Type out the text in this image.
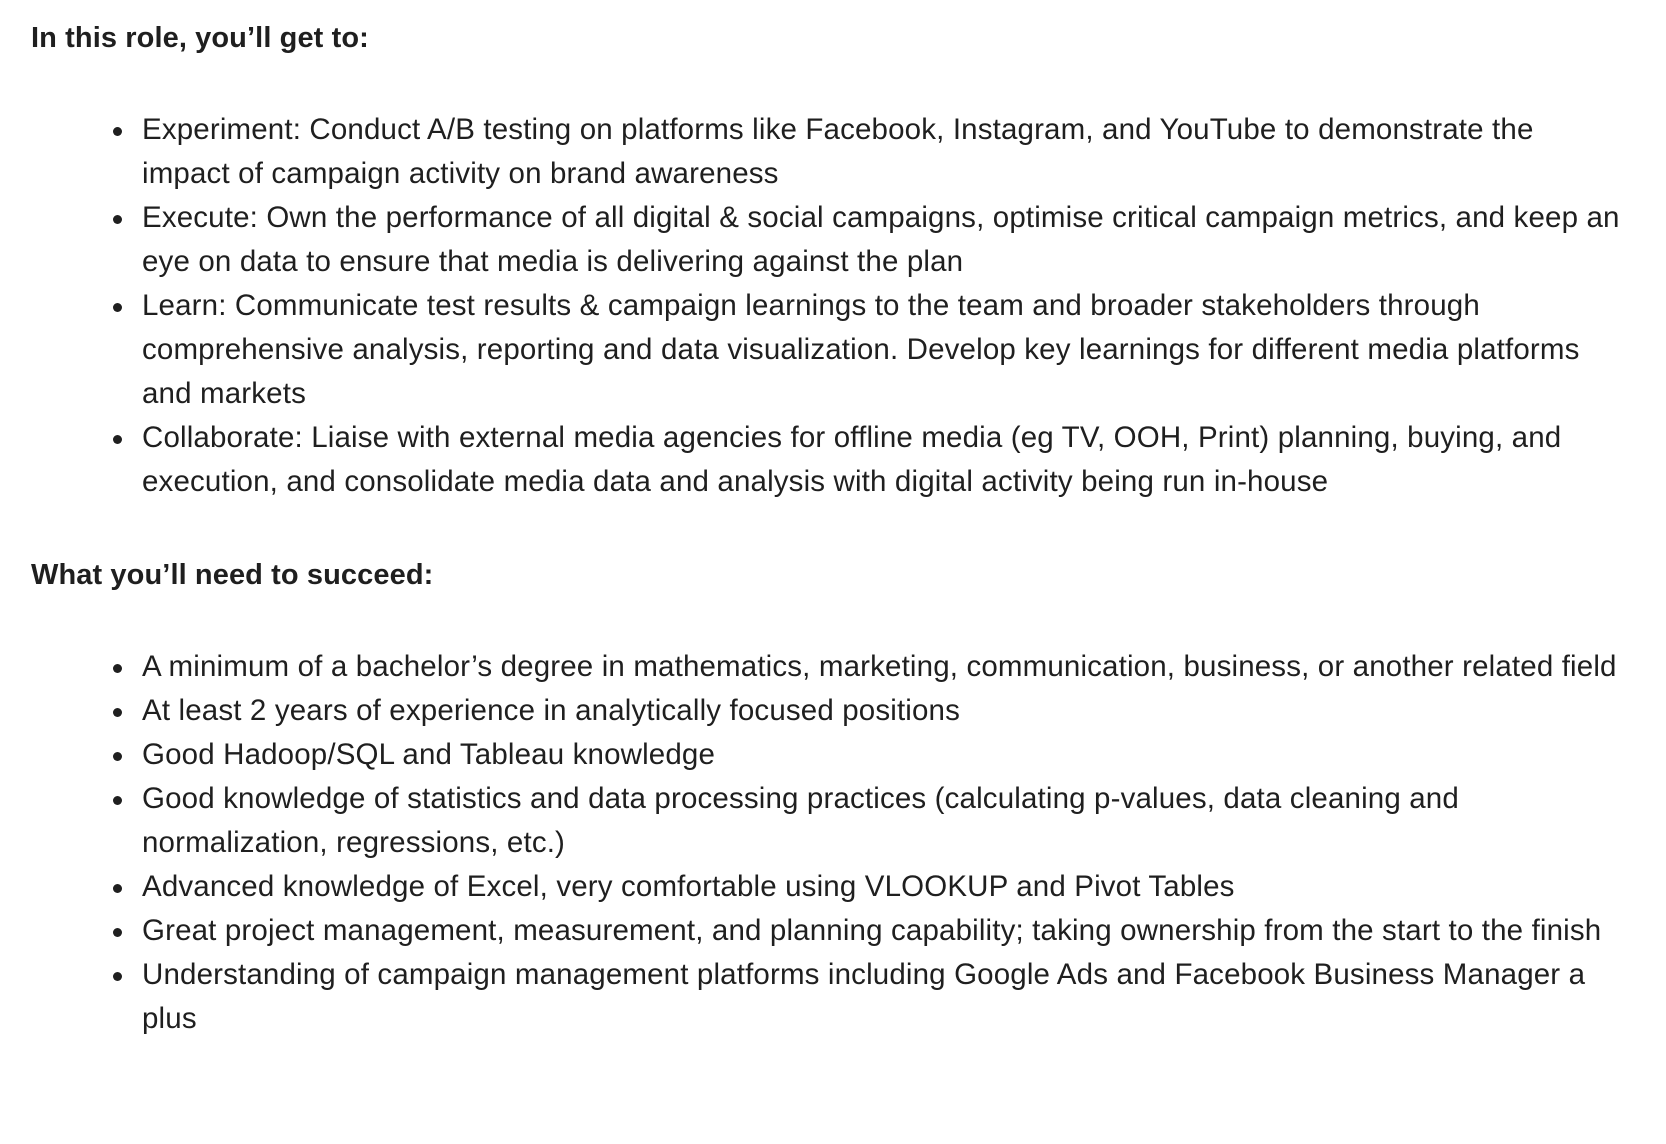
In this role, you’ll get to:
Experiment: Conduct A/B testing on platforms like Facebook, Instagram, and YouTube to demonstrate the impact of campaign activity on brand awareness
Execute: Own the performance of all digital & social campaigns, optimise critical campaign metrics, and keep an eye on data to ensure that media is delivering against the plan
Learn: Communicate test results & campaign learnings to the team and broader stakeholders through comprehensive analysis, reporting and data visualization. Develop key learnings for different media platforms and markets
Collaborate: Liaise with external media agencies for offline media (eg TV, OOH, Print) planning, buying, and execution, and consolidate media data and analysis with digital activity being run in-house
What you’ll need to succeed:
A minimum of a bachelor’s degree in mathematics, marketing, communication, business, or another related field
At least 2 years of experience in analytically focused positions
Good Hadoop/SQL and Tableau knowledge
Good knowledge of statistics and data processing practices (calculating p-values, data cleaning and normalization, regressions, etc.)
Advanced knowledge of Excel, very comfortable using VLOOKUP and Pivot Tables
Great project management, measurement, and planning capability; taking ownership from the start to the finish
Understanding of campaign management platforms including Google Ads and Facebook Business Manager a plus
